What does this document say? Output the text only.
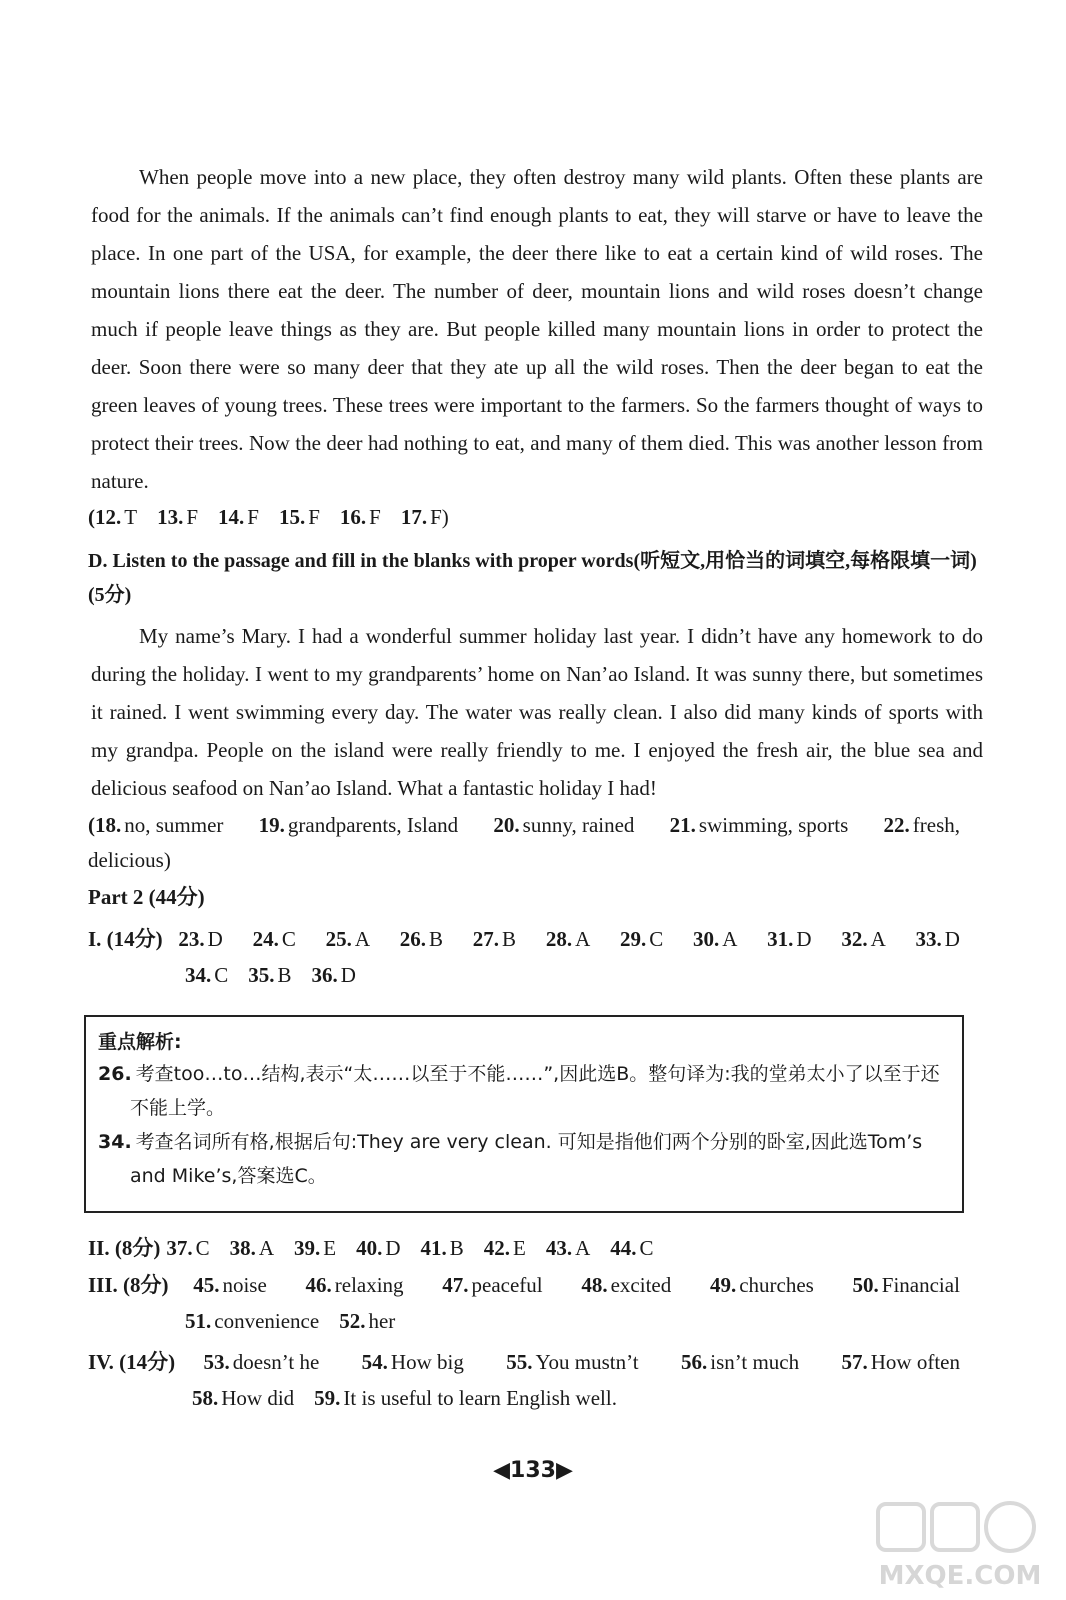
When people move into a new place, they often destroy many wild plants. Often these plants are food for the animals. If the animals can’t find enough plants to eat, they will starve or have to leave the place. In one part of the USA, for example, the deer there like to eat a certain kind of wild roses. The mountain lions there eat the deer. The number of deer, mountain lions and wild roses doesn’t change much if people leave things as they are. But people killed many mountain lions in order to protect the deer. Soon there were so many deer that they ate up all the wild roses. Then the deer began to eat the green leaves of young trees. These trees were important to the farmers. So the farmers thought of ways to protect their trees. Now the deer had nothing to eat, and many of them died. This was another lesson from nature.

(12. T 13. F 14. F 15. F 16. F 17. F)
D. Listen to the passage and fill in the blanks with proper words(听短文,用恰当的词填空,每格限填一词)(5分)

My name’s Mary. I had a wonderful summer holiday last year. I didn’t have any homework to do during the holiday. I went to my grandparents’ home on Nan’ao Island. It was sunny there, but sometimes it rained. I went swimming every day. The water was really clean. I also did many kinds of sports with my grandpa. People on the island were really friendly to me. I enjoyed the fresh air, the blue sea and delicious seafood on Nan’ao Island. What a fantastic holiday I had!

(18. no, summer 19. grandparents, Island 20. sunny, rained 21. swimming, sports 22. fresh,
delicious)
Part 2 (44分)
I. (14分) 23. D 24. C 25. A 26. B 27. B 28. A 29. C 30. A 31. D 32. A 33. D
34. C 35. B 36. D
重点解析:

26. 考查too…to…结构,表示“太……以至于不能……”,因此选B。整句译为:我的堂弟太小了以至于还不能上学。

34. 考查名词所有格,根据后句:They are very clean. 可知是指他们两个分别的卧室,因此选Tom’s and Mike’s,答案选C。

II. (8分) 37. C 38. A 39. E 40. D 41. B 42. E 43. A 44. C
III. (8分) 45. noise 46. relaxing 47. peaceful 48. excited 49. churches 50. Financial
51. convenience 52. her
IV. (14分) 53. doesn’t he 54. How big 55. You mustn’t 56. isn’t much 57. How often
58. How did 59. It is useful to learn English well.
◀133▶
MXQE.COM
